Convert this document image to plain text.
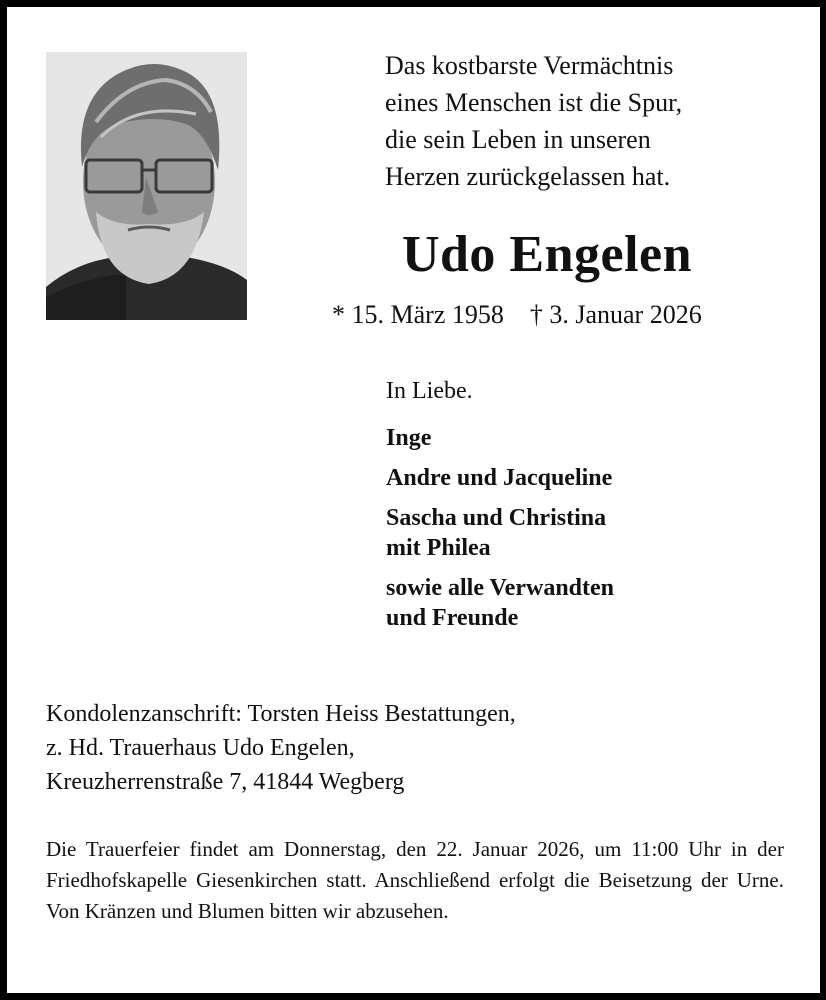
Das kostbarste Vermächtnis
eines Menschen ist die Spur,
die sein Leben in unseren
Herzen zurückgelassen hat.
Udo Engelen
* 15. März 1958 † 3. Januar 2026
In Liebe.
Inge
Andre und Jacqueline
Sascha und Christina
mit Philea
sowie alle Verwandten
und Freunde
Kondolenzanschrift: Torsten Heiss Bestattungen,
z. Hd. Trauerhaus Udo Engelen,
Kreuzherrenstraße 7, 41844 Wegberg
Die Trauerfeier findet am Donnerstag, den 22. Januar 2026, um 11:00 Uhr in der Friedhofskapelle Giesenkirchen statt. Anschließend erfolgt die Beisetzung der Urne. Von Kränzen und Blumen bitten wir abzusehen.
